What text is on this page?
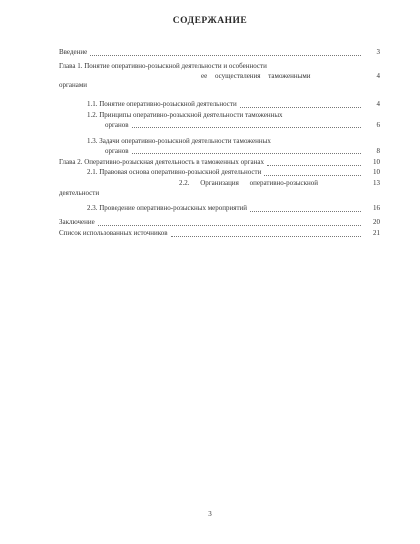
СОДЕРЖАНИЕ
Введение	3
Глава 1. Понятие оперативно-розыскной деятельности и особенности
ее осуществления таможенными	4
органами
1.1. Понятие оперативно-розыскной деятельности	4
1.2. Принципы оперативно-розыскной деятельности таможенных
органов	6
1.3. Задачи оперативно-розыскной деятельности таможенных
органов	8
Глава 2. Оперативно-розыскная деятельность в таможенных органах	10
2.1. Правовая основа оперативно-розыскной деятельности	10
2.2. Организация оперативно-розыскной	13
деятельности
2.3. Проведение оперативно-розыскных мероприятий	16
Заключение	20
Список использованных источников	21
3
